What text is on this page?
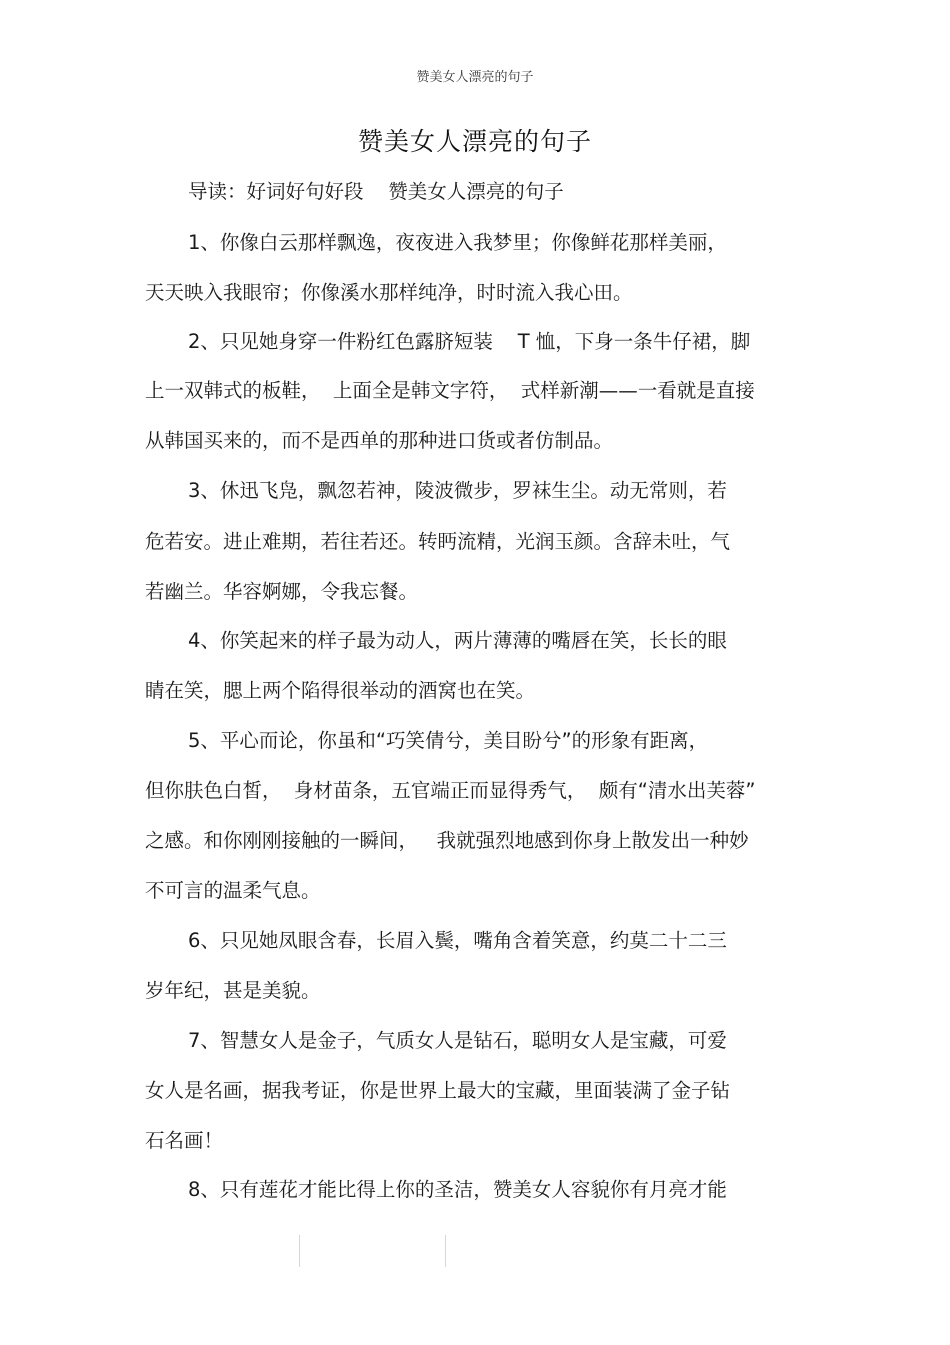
赞美女人漂亮的句子
赞美女人漂亮的句子
导读：好词好句好段    赞美女人漂亮的句子
1、你像白云那样飘逸，夜夜进入我梦里；你像鲜花那样美丽，
天天映入我眼帘；你像溪水那样纯净，时时流入我心田。
2、只见她身穿一件粉红色露脐短装    T 恤，下身一条牛仔裙，脚
上一双韩式的板鞋，  上面全是韩文字符，  式样新潮——一看就是直接
从韩国买来的，而不是西单的那种进口货或者仿制品。
3、休迅飞凫，飘忽若神，陵波微步，罗袜生尘。动无常则，若
危若安。进止难期，若往若还。转眄流精，光润玉颜。含辞未吐，气
若幽兰。华容婀娜，令我忘餐。
4、你笑起来的样子最为动人，两片薄薄的嘴唇在笑，长长的眼
睛在笑，腮上两个陷得很举动的酒窝也在笑。
5、平心而论，你虽和“巧笑倩兮，美目盼兮”的形象有距离，
但你肤色白皙，  身材苗条，五官端正而显得秀气，  颇有“清水出芙蓉”
之感。和你刚刚接触的一瞬间，   我就强烈地感到你身上散发出一种妙
不可言的温柔气息。
6、只见她凤眼含春，长眉入鬓，嘴角含着笑意，约莫二十二三
岁年纪，甚是美貌。
7、智慧女人是金子，气质女人是钻石，聪明女人是宝藏，可爱
女人是名画，据我考证，你是世界上最大的宝藏，里面装满了金子钻
石名画！
8、只有莲花才能比得上你的圣洁，赞美女人容貌你有月亮才能
